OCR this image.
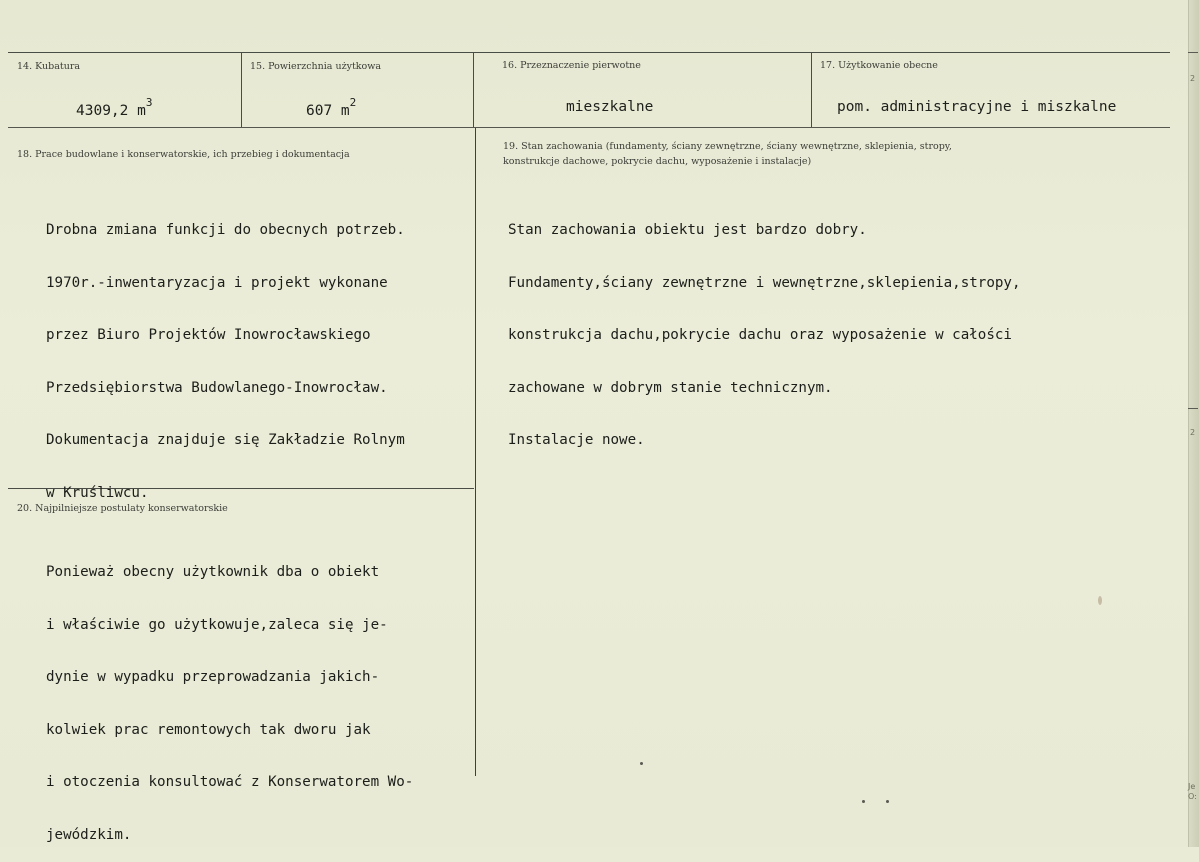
14. Kubatura
4309,2 $m^3$
15. Powierzchnia użytkowa
607 $m^2$
16. Przeznaczenie pierwotne
mieszkalne
17. Użytkowanie obecne
pom. administracyjne i miszkalne
18. Prace budowlane i konserwatorskie, ich przebieg i dokumentacja

Drobna zmiana funkcji do obecnych potrzeb.

1970r.-inwentaryzacja i projekt wykonane

przez Biuro Projektów Inowrocławskiego

Przedsiębiorstwa Budowlanego-Inowrocław.

Dokumentacja znajduje się Zakładzie Rolnym

w Kruśliwcu.

19. Stan zachowania (fundamenty, ściany zewnętrzne, ściany wewnętrzne, sklepienia, stropy,
konstrukcje dachowe, pokrycie dachu, wyposażenie i instalacje)

Stan zachowania obiektu jest bardzo dobry.

Fundamenty,ściany zewnętrzne i wewnętrzne,sklepienia,stropy,

konstrukcja dachu,pokrycie dachu oraz wyposażenie w całości

zachowane w dobrym stanie technicznym.

Instalacje nowe.

20. Najpilniejsze postulaty konserwatorskie

Ponieważ obecny użytkownik dba o obiekt

i właściwie go użytkowuje,zaleca się je-

dynie w wypadku przeprowadzania jakich-

kolwiek prac remontowych tak dworu jak

i otoczenia konsultować z Konserwatorem Wo-

jewódzkim.

2
2
Je
O:
